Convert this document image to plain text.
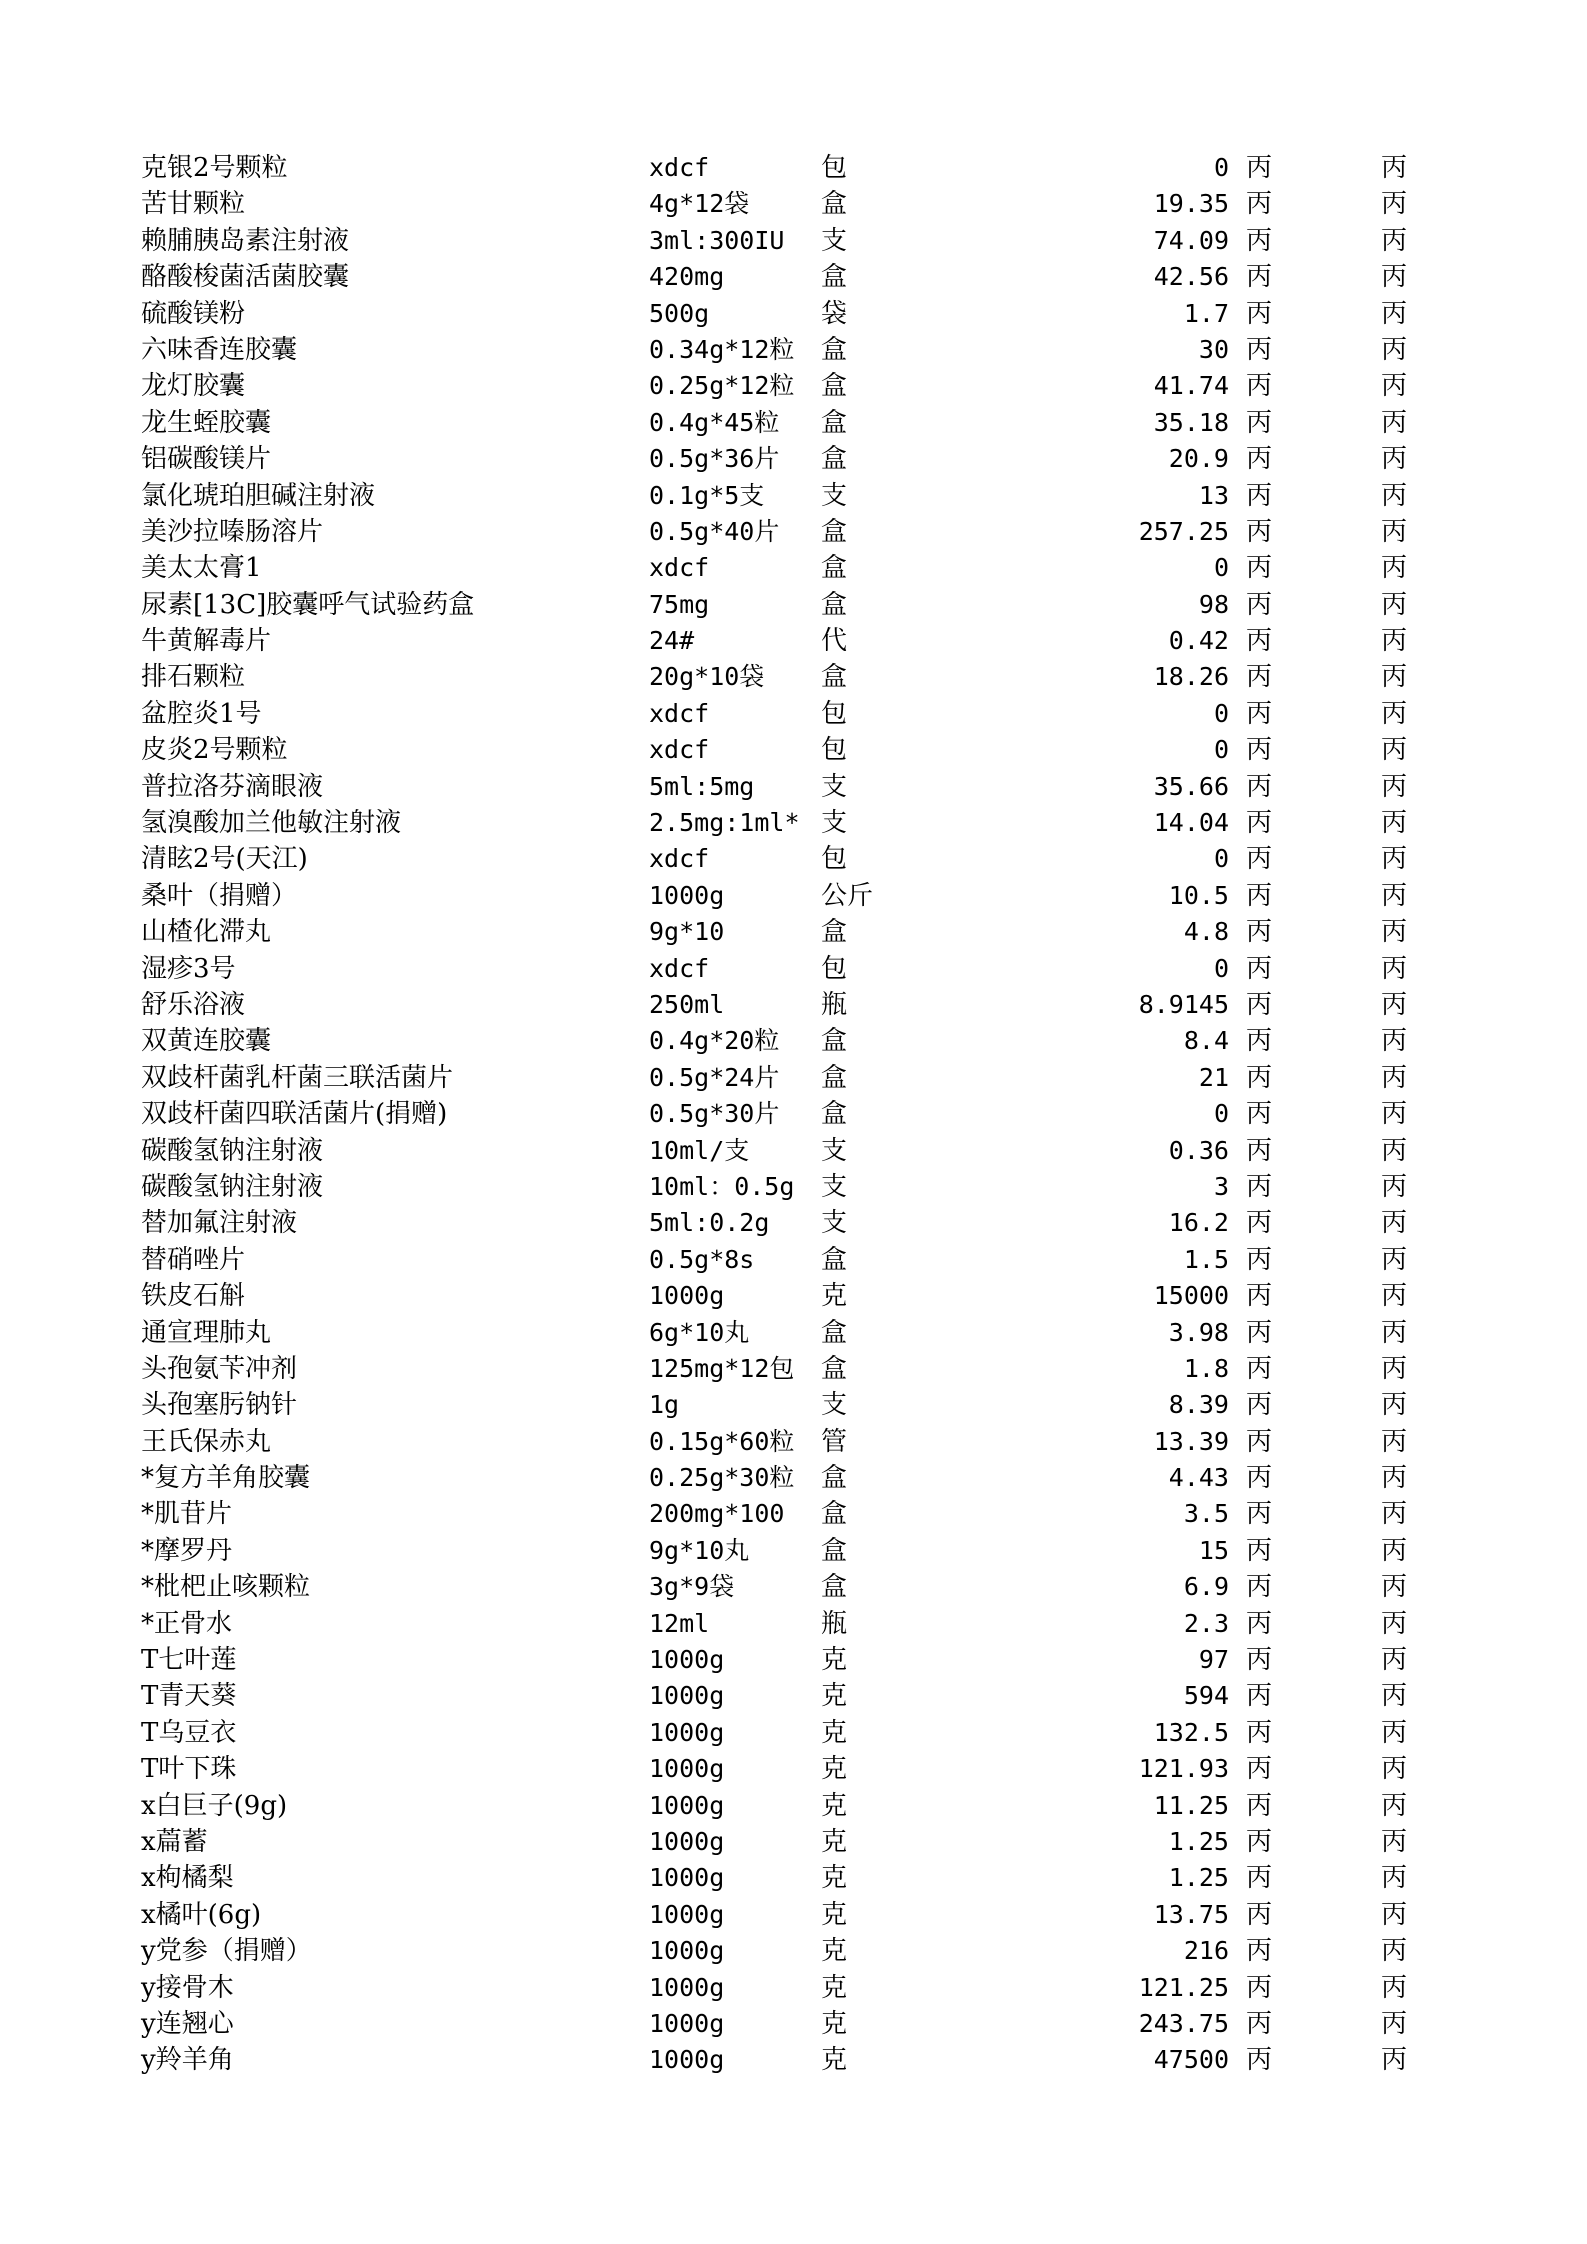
克银2号颗粒	xdcf	包	0 丙	丙
苦甘颗粒	4g*12袋	盒	19.35 丙	丙
赖脯胰岛素注射液	3ml:300IU 支	74.09 丙	丙
酪酸梭菌活菌胶囊	420mg	盒	42.56 丙	丙
硫酸镁粉	500g	袋	1.7 丙	丙
六味香连胶囊	0.34g*12粒 盒	30 丙	丙
龙灯胶囊	0.25g*12粒 盒	41.74 丙	丙
龙生蛭胶囊	0.4g*45粒 盒	35.18 丙	丙
铝碳酸镁片	0.5g*36片 盒	20.9 丙	丙
氯化琥珀胆碱注射液	0.1g*5支 支	13 丙	丙
美沙拉嗪肠溶片	0.5g*40片 盒	257.25 丙	丙
美太太膏1	xdcf	盒	0 丙	丙
尿素[13C]胶囊呼气试验药盒	75mg	盒	98 丙	丙
牛黄解毒片	24#	代	0.42 丙	丙
排石颗粒	20g*10袋 盒	18.26 丙	丙
盆腔炎1号	xdcf	包	0 丙	丙
皮炎2号颗粒	xdcf	包	0 丙	丙
普拉洛芬滴眼液	5ml:5mg	支	35.66 丙	丙
氢溴酸加兰他敏注射液	2.5mg:1ml* 支	14.04 丙	丙
清眩2号(天江)	xdcf	包	0 丙	丙
桑叶（捐赠）	1000g	公斤	10.5 丙	丙
山楂化滞丸	9g*10	盒	4.8 丙	丙
湿疹3号	xdcf	包	0 丙	丙
舒乐浴液	250ml	瓶	8.9145 丙	丙
双黄连胶囊	0.4g*20粒 盒	8.4 丙	丙
双歧杆菌乳杆菌三联活菌片	0.5g*24片 盒	21 丙	丙
双歧杆菌四联活菌片(捐赠)	0.5g*30片 盒	0 丙	丙
碳酸氢钠注射液	10ml/支	支	0.36 丙	丙
碳酸氢钠注射液	10ml：0.5g 支	3 丙	丙
替加氟注射液	5ml:0.2g 支	16.2 丙	丙
替硝唑片	0.5g*8s	盒	1.5 丙	丙
铁皮石斛	1000g	克	15000 丙	丙
通宣理肺丸	6g*10丸	盒	3.98 丙	丙
头孢氨苄冲剂	125mg*12包 盒	1.8 丙	丙
头孢塞肟钠针	1g	支	8.39 丙	丙
王氏保赤丸	0.15g*60粒 管	13.39 丙	丙
*复方羊角胶囊	0.25g*30粒 盒	4.43 丙	丙
*肌苷片	200mg*100 盒	3.5 丙	丙
*摩罗丹	9g*10丸	盒	15 丙	丙
*枇杷止咳颗粒	3g*9袋	盒	6.9 丙	丙
*正骨水	12ml	瓶	2.3 丙	丙
T七叶莲	1000g	克	97 丙	丙
T青天葵	1000g	克	594 丙	丙
T乌豆衣	1000g	克	132.5 丙	丙
T叶下珠	1000g	克	121.93 丙	丙
x白巨子(9g)	1000g	克	11.25 丙	丙
x萹蓄	1000g	克	1.25 丙	丙
x枸橘梨	1000g	克	1.25 丙	丙
x橘叶(6g)	1000g	克	13.75 丙	丙
y党参（捐赠）	1000g	克	216 丙	丙
y接骨木	1000g	克	121.25 丙	丙
y连翘心	1000g	克	243.75 丙	丙
y羚羊角	1000g	克	47500 丙	丙
